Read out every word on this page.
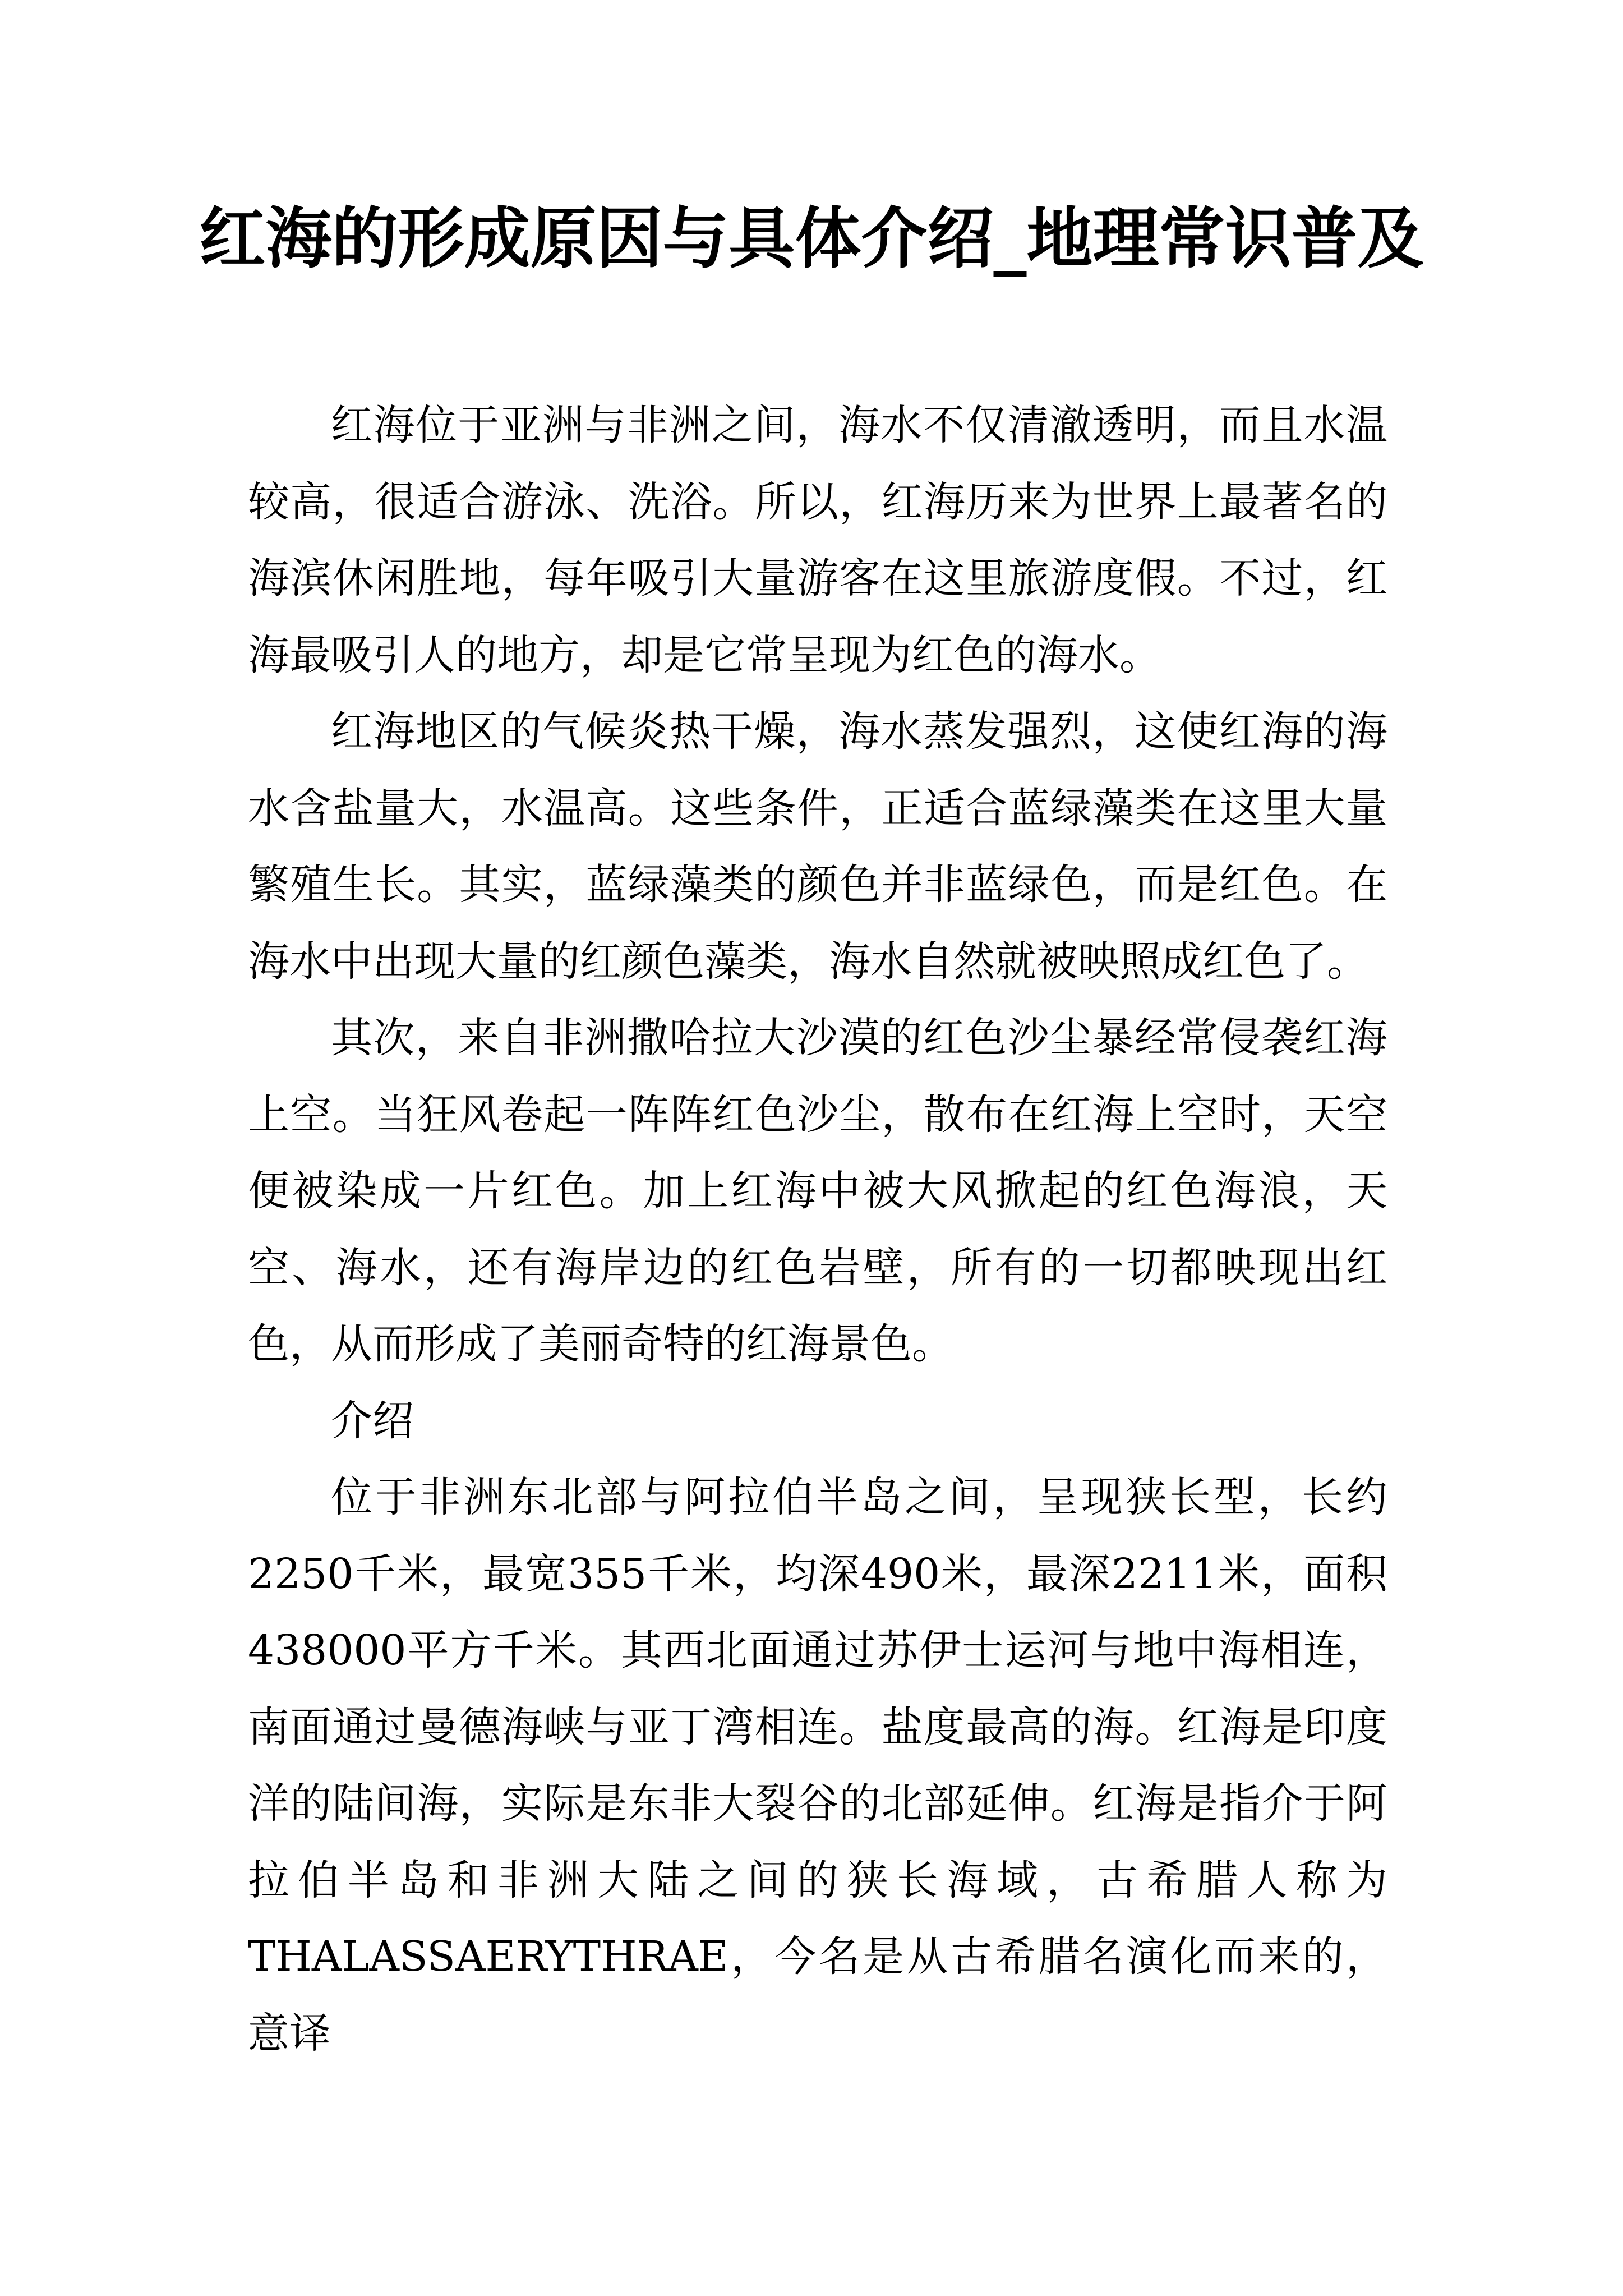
红海的形成原因与具体介绍_地理常识普及

红海位于亚洲与非洲之间，海水不仅清澈透明，而且水温较高，很适合游泳、洗浴。所以，红海历来为世界上最著名的海滨休闲胜地，每年吸引大量游客在这里旅游度假。不过，红海最吸引人的地方，却是它常呈现为红色的海水。

红海地区的气候炎热干燥，海水蒸发强烈，这使红海的海水含盐量大，水温高。这些条件，正适合蓝绿藻类在这里大量繁殖生长。其实，蓝绿藻类的颜色并非蓝绿色，而是红色。在海水中出现大量的红颜色藻类，海水自然就被映照成红色了。

其次，来自非洲撒哈拉大沙漠的红色沙尘暴经常侵袭红海上空。当狂风卷起一阵阵红色沙尘，散布在红海上空时，天空便被染成一片红色。加上红海中被大风掀起的红色海浪，天空、海水，还有海岸边的红色岩壁，所有的一切都映现出红色，从而形成了美丽奇特的红海景色。

介绍

位于非洲东北部与阿拉伯半岛之间，呈现狭长型，长约2250千米，最宽355千米，均深490米，最深2211米，面积438000平方千米。其西北面通过苏伊士运河与地中海相连，南面通过曼德海峡与亚丁湾相连。盐度最高的海。红海是印度洋的陆间海，实际是东非大裂谷的北部延伸。红海是指介于阿拉伯半岛和非洲大陆之间的狭长海域，古希腊人称为THALASSAERYTHRAE，今名是从古希腊名演化而来的，意译
